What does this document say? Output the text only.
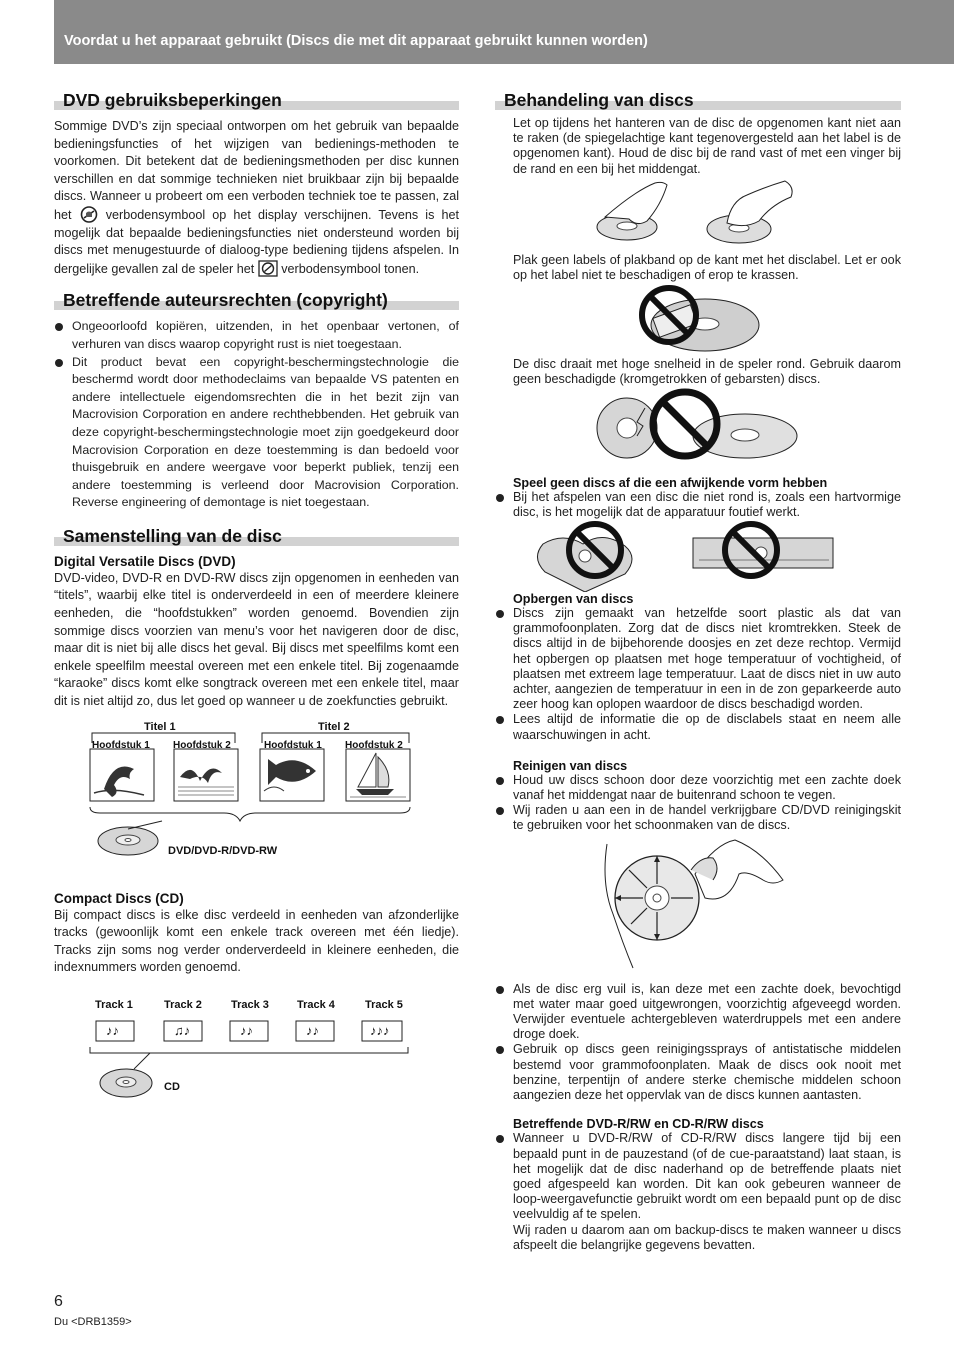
Voordat u het apparaat gebruikt (Discs die met dit apparaat gebruikt kunnen worden)
DVD gebruiksbeperkingen

Sommige DVD’s zijn speciaal ontworpen om het gebruik van bepaalde bedieningsfuncties of het wijzigen van bedienings-methoden te voorkomen. Dit betekent dat de bedieningsmethoden per disc kunnen verschillen en dat sommige technieken niet bruikbaar zijn bij bepaalde discs. Wanneer u probeert om een verboden techniek toe te passen, zal het	verbodensymbool op het display verschijnen. Tevens is het mogelijk dat bepaalde bedieningsfuncties niet ondersteund worden bij discs met menugestuurde of dialoog-type bediening tijdens afspelen. In dergelijke gevallen zal de speler het verbodensymbool tonen.

Betreffende auteursrechten (copyright)
Ongeoorloofd kopiëren, uitzenden, in het openbaar vertonen, of verhuren van discs waarop copyright rust is niet toegestaan.
Dit product bevat een copyright-beschermingstechnologie die beschermd wordt door methodeclaims van bepaalde VS patenten en andere intellectuele eigendomsrechten die in het bezit zijn van Macrovision Corporation en andere rechthebbenden. Het gebruik van deze copyright-beschermingstechnologie moet zijn goedgekeurd door Macrovision Corporation en deze toestemming is dan bedoeld voor thuisgebruik en andere weergave voor beperkt publiek, tenzij een andere toestemming is verleend door Macrovision Corporation. Reverse engineering of demontage is niet toegestaan.
Samenstelling van de disc
Digital Versatile Discs (DVD)

DVD-video, DVD-R en DVD-RW discs zijn opgenomen in eenheden van “titels”, waarbij elke titel is onderverdeeld in een of meerdere kleinere eenheden, die “hoofdstukken” worden genoemd. Bovendien zijn sommige discs voorzien van menu’s voor het navigeren door de disc, maar dit is niet bij alle discs het geval. Bij discs met speelfilms komt een enkele speelfilm meestal overeen met een enkele titel. Bij zogenaamde “karaoke” discs komt elke songtrack overeen met een enkele titel, maar dit is niet altijd zo, dus let goed op wanneer u de zoekfuncties gebruikt.

Titel 1	Titel 2
Hoofdstuk 1 Hoofdstuk 2	Hoofdstuk 1 Hoofdstuk 2
DVD/DVD-R/DVD-RW
Compact Discs (CD)

Bij compact discs is elke disc verdeeld in eenheden van afzonderlijke tracks (gewoonlijk komt een enkele track overeen met één liedje). Tracks zijn soms nog verder onderverdeeld in kleinere eenheden, die indexnummers worden genoemd.

Track 1	Track 2	Track 3	Track 4	Track 5
♪♪	♫♪	♪♪	♪♪	♪♪♪
CD
Behandeling van discs
Let op tijdens het hanteren van de disc de opgenomen kant niet aan te raken (de spiegelachtige kant tegenovergesteld aan het label is de opgenomen kant). Houd de disc bij de rand vast of met een vinger bij de rand en een bij het middengat.
Plak geen labels of plakband op de kant met het disclabel. Let er ook op het label niet te beschadigen of erop te krassen.
De disc draait met hoge snelheid in de speler rond. Gebruik daarom geen beschadigde (kromgetrokken of gebarsten) discs.
Speel geen discs af die een afwijkende vorm hebben
Bij het afspelen van een disc die niet rond is, zoals een hartvormige disc, is het mogelijk dat de apparatuur foutief werkt.
Opbergen van discs
Discs zijn gemaakt van hetzelfde soort plastic als dat van grammofoonplaten. Zorg dat de discs niet kromtrekken. Steek de discs altijd in de bijbehorende doosjes en zet deze rechtop. Vermijd het opbergen op plaatsen met hoge temperatuur of vochtigheid, of plaatsen met extreem lage temperatuur. Laat de discs niet in uw auto achter, aangezien de temperatuur in een in de zon geparkeerde auto zeer hoog kan oplopen waardoor de discs beschadigd worden.
Lees altijd de informatie die op de disclabels staat en neem alle waarschuwingen in acht.
Reinigen van discs
Houd uw discs schoon door deze voorzichtig met een zachte doek vanaf het middengat naar de buitenrand schoon te vegen.
Wij raden u aan een in de handel verkrijgbare CD/DVD reinigingskit te gebruiken voor het schoonmaken van de discs.
Als de disc erg vuil is, kan deze met een zachte doek, bevochtigd met water maar goed uitgewrongen, voorzichtig afgeveegd worden. Verwijder eventuele achtergebleven waterdruppels met een andere droge doek.
Gebruik op discs geen reinigingssprays of antistatische middelen bestemd voor grammofoonplaten. Maak de discs ook nooit met benzine, terpentijn of andere sterke chemische middelen schoon aangezien deze het oppervlak van de discs kunnen aantasten.
Betreffende DVD-R/RW en CD-R/RW discs
Wanneer u DVD-R/RW of CD-R/RW discs langere tijd bij een bepaald punt in de pauzestand (of de cue-paraatstand) laat staan, is het mogelijk dat de disc naderhand op de betreffende plaats niet goed afgespeeld kan worden. Dit kan ook gebeuren wanneer de loop-weergavefunctie gebruikt wordt om een bepaald punt op de disc veelvuldig af te spelen.
Wij raden u daarom aan om backup-discs te maken wanneer u discs afspeelt die belangrijke gegevens bevatten.
6
Du <DRB1359>
